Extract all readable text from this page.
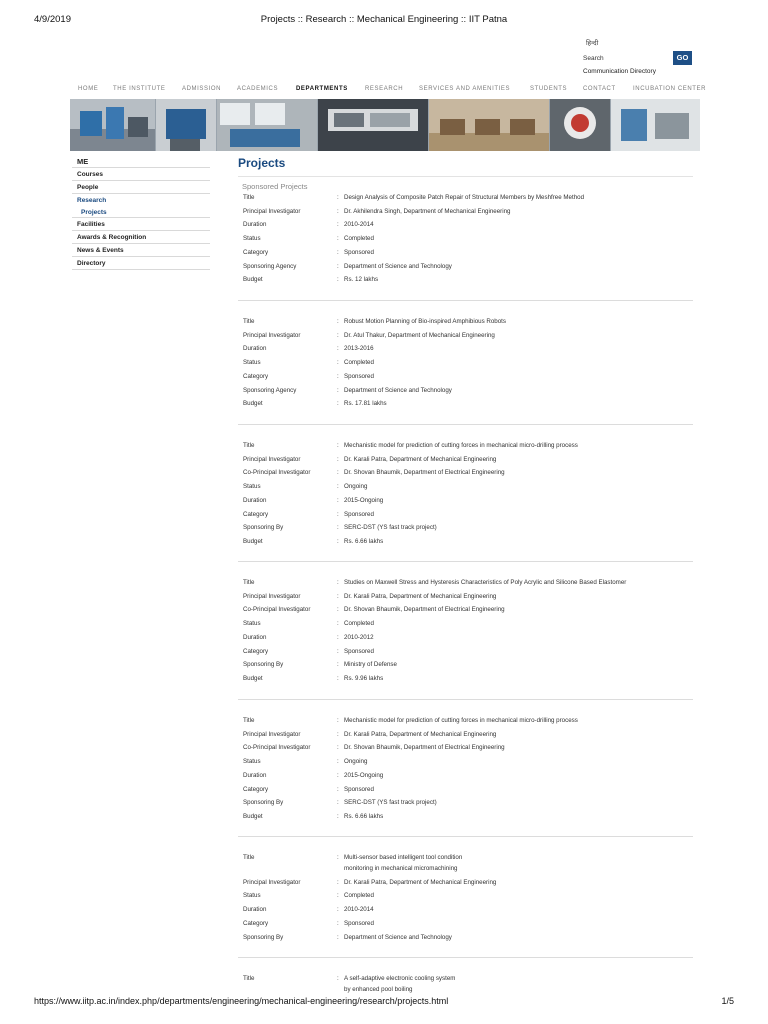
4/9/2019	Projects :: Research :: Mechanical Engineering :: IIT Patna
हिन्दी
Search	GO
Communication Directory
HOME THE INSTITUTE	ADMISSION	ACADEMICS	DEPARTMENTS	RESEARCH	SERVICES AND AMENITIES	STUDENTS	CONTACT	INCUBATION CENTER
ME
Courses
People
Research
Projects
Facilities
Awards & Recognition
News & Events
Directory
Projects
Sponsored Projects
Title	: Design Analysis of Composite Patch Repair of Structural Members by Meshfree Method
Principal Investigator	: Dr. Akhilendra Singh, Department of Mechanical Engineering
Duration	: 2010-2014
Status	: Completed
Category	: Sponsored
Sponsoring Agency	: Department of Science and Technology
Budget	: Rs. 12 lakhs
Title	: Robust Motion Planning of Bio-inspired Amphibious Robots
Principal Investigator	: Dr. Atul Thakur, Department of Mechanical Engineering
Duration	: 2013-2016
Status	: Completed
Category	: Sponsored
Sponsoring Agency	: Department of Science and Technology
Budget	: Rs. 17.81 lakhs
Title	: Mechanistic model for prediction of cutting forces in mechanical micro-drilling process
Principal Investigator	: Dr. Karali Patra, Department of Mechanical Engineering
Co-Principal Investigator	: Dr. Shovan Bhaumik, Department of Electrical Engineering
Status	: Ongoing
Duration	: 2015-Ongoing
Category	: Sponsored
Sponsoring By	: SERC-DST (YS fast track project)
Budget	: Rs. 6.66 lakhs
Title	: Studies on Maxwell Stress and Hysteresis Characteristics of Poly Acrylic and Silicone Based Elastomer
Principal Investigator	: Dr. Karali Patra, Department of Mechanical Engineering
Co-Principal Investigator	: Dr. Shovan Bhaumik, Department of Electrical Engineering
Status	: Completed
Duration	: 2010-2012
Category	: Sponsored
Sponsoring By	: Ministry of Defense
Budget	: Rs. 9.96 lakhs
Title	: Mechanistic model for prediction of cutting forces in mechanical micro-drilling process
Principal Investigator	: Dr. Karali Patra, Department of Mechanical Engineering
Co-Principal Investigator	: Dr. Shovan Bhaumik, Department of Electrical Engineering
Status	: Ongoing
Duration	: 2015-Ongoing
Category	: Sponsored
Sponsoring By	: SERC-DST (YS fast track project)
Budget	: Rs. 6.66 lakhs
Title	: Multi-sensor based intelligent tool condition
monitoring in mechanical micromachining
Principal Investigator	: Dr. Karali Patra, Department of Mechanical Engineering
Status	: Completed
Duration	: 2010-2014
Category	: Sponsored
Sponsoring By	: Department of Science and Technology
Title	: A self-adaptive electronic cooling system
by enhanced pool boiling
https://www.iitp.ac.in/index.php/departments/engineering/mechanical-engineering/research/projects.html	1/5
